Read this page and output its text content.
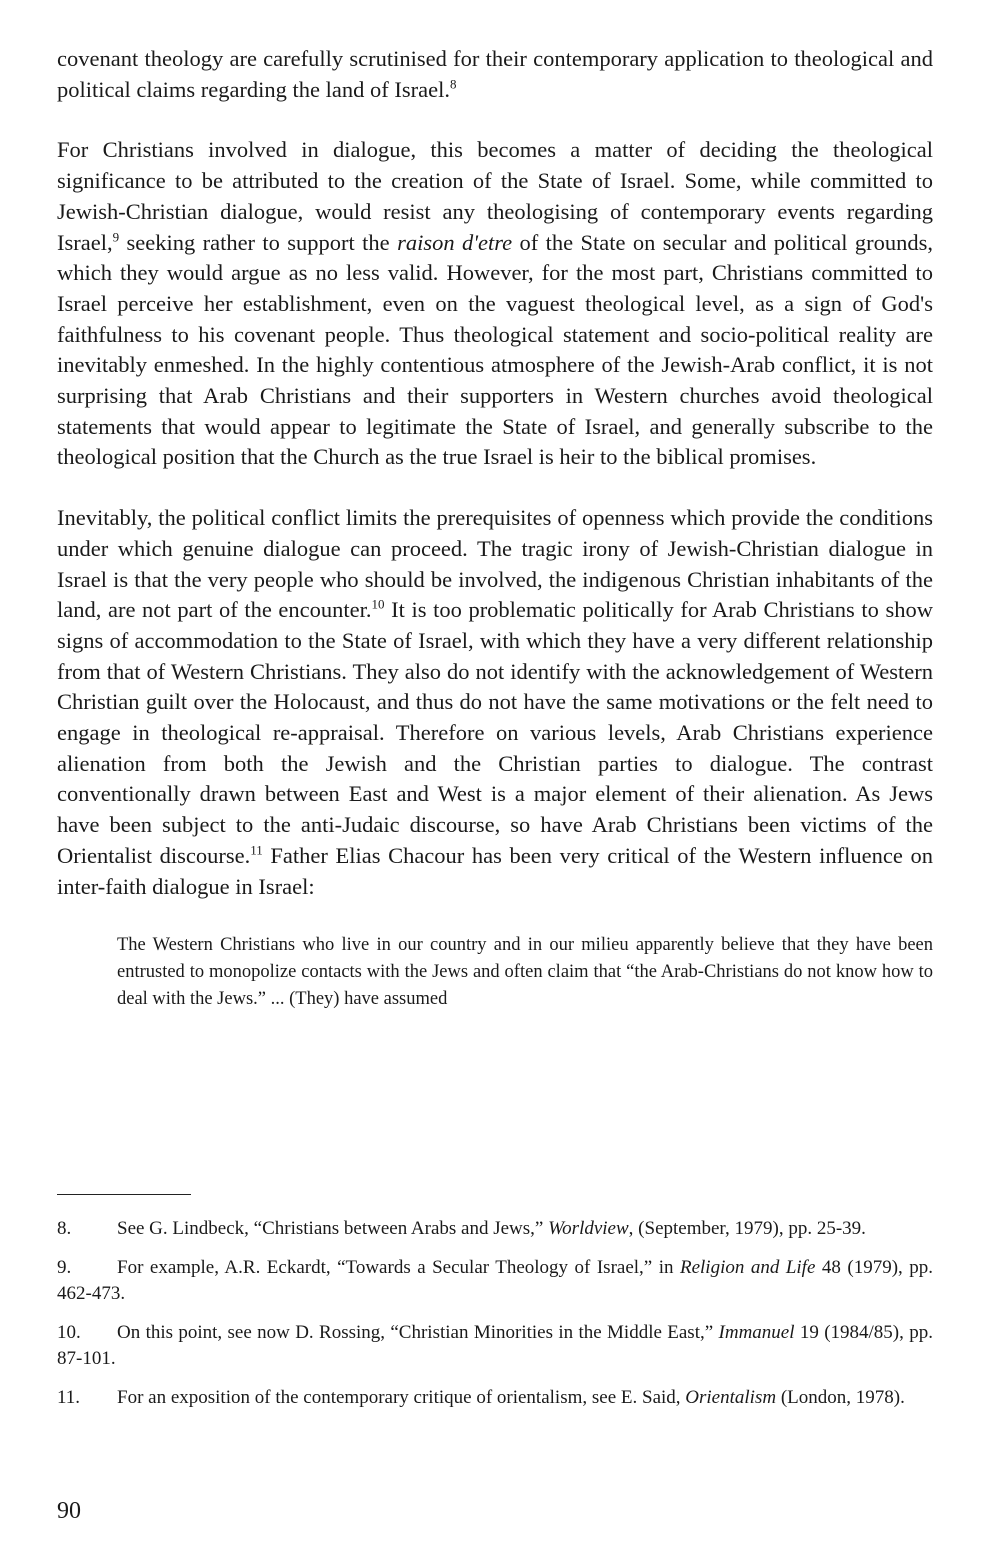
covenant theology are carefully scrutinised for their contemporary application to theological and political claims regarding the land of Israel.$^8$

For Christians involved in dialogue, this becomes a matter of deciding the theological significance to be attributed to the creation of the State of Israel. Some, while committed to Jewish-Christian dialogue, would resist any theologising of contemporary events regarding Israel,$^9$ seeking rather to support the raison d'etre of the State on secular and political grounds, which they would argue as no less valid. However, for the most part, Christians committed to Israel perceive her establishment, even on the vaguest theological level, as a sign of God's faithfulness to his covenant people. Thus theological statement and socio-political reality are inevitably enmeshed. In the highly contentious atmosphere of the Jewish-Arab conflict, it is not surprising that Arab Christians and their supporters in Western churches avoid theological statements that would appear to legitimate the State of Israel, and generally subscribe to the theological position that the Church as the true Israel is heir to the biblical promises.

Inevitably, the political conflict limits the prerequisites of openness which provide the conditions under which genuine dialogue can proceed. The tragic irony of Jewish-Christian dialogue in Israel is that the very people who should be involved, the indigenous Christian inhabitants of the land, are not part of the encounter.$^{10}$ It is too problematic politically for Arab Christians to show signs of accommodation to the State of Israel, with which they have a very different relationship from that of Western Christians. They also do not identify with the acknowledgement of Western Christian guilt over the Holocaust, and thus do not have the same motivations or the felt need to engage in theological re-appraisal. Therefore on various levels, Arab Christians experience alienation from both the Jewish and the Christian parties to dialogue. The contrast conventionally drawn between East and West is a major element of their alienation. As Jews have been subject to the anti-Judaic discourse, so have Arab Christians been victims of the Orientalist discourse.$^{11}$ Father Elias Chacour has been very critical of the Western influence on inter-faith dialogue in Israel:

The Western Christians who live in our country and in our milieu apparently believe that they have been entrusted to monopolize contacts with the Jews and often claim that “the Arab-Christians do not know how to deal with the Jews.” ... (They) have assumed

8. See G. Lindbeck, “Christians between Arabs and Jews,” Worldview, (September, 1979), pp. 25-39.

9. For example, A.R. Eckardt, “Towards a Secular Theology of Israel,” in Religion and Life 48 (1979), pp. 462-473.

10. On this point, see now D. Rossing, “Christian Minorities in the Middle East,” Immanuel 19 (1984/85), pp. 87-101.

11. For an exposition of the contemporary critique of orientalism, see E. Said, Orientalism (London, 1978).

90
